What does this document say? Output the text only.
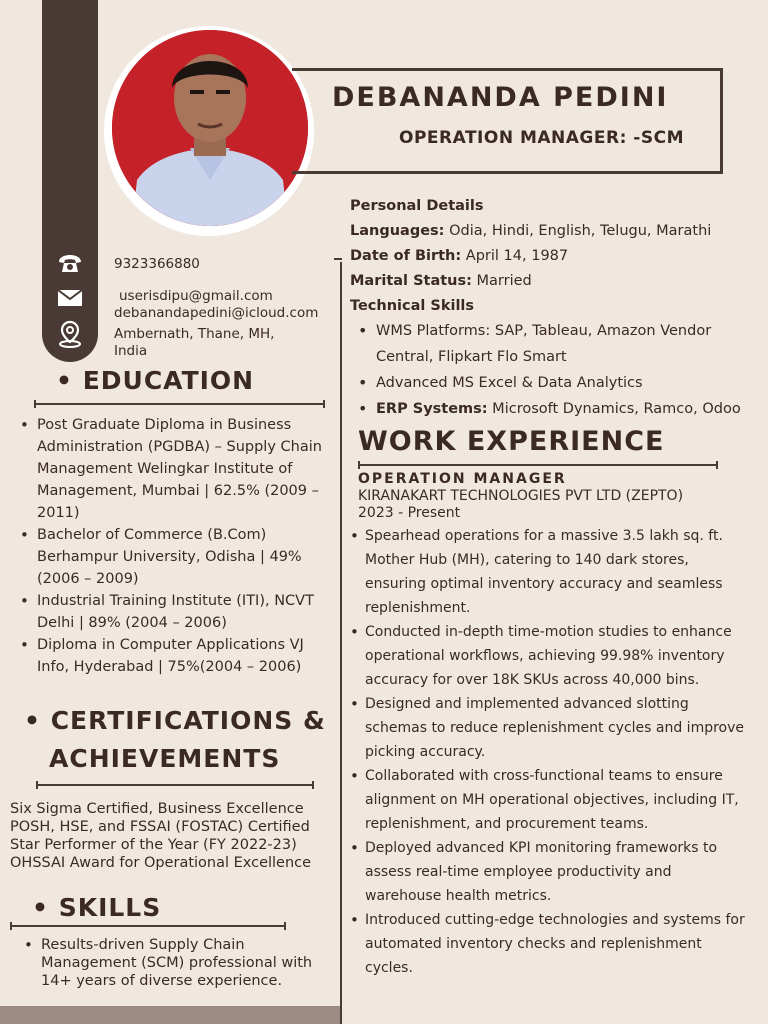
DEBANANDA PEDINI
OPERATION MANAGER: -SCM
9323366880
userisdipu@gmail.com
debanandapedini@icloud.com
Ambernath, Thane, MH,
India
Personal Details
Languages: Odia, Hindi, English, Telugu, Marathi
Date of Birth: April 14, 1987
Marital Status: Married
Technical Skills
• WMS Platforms: SAP, Tableau, Amazon Vendor Central, Flipkart Flo Smart
• Advanced MS Excel & Data Analytics
• ERP Systems: Microsoft Dynamics, Ramco, Odoo
• EDUCATION
• Post Graduate Diploma in Business Administration (PGDBA) – Supply Chain Management Welingkar Institute of Management, Mumbai | 62.5% (2009 – 2011)
• Bachelor of Commerce (B.Com) Berhampur University, Odisha | 49% (2006 – 2009)
• Industrial Training Institute (ITI), NCVT Delhi | 89% (2004 – 2006)
• Diploma in Computer Applications VJ Info, Hyderabad | 75%(2004 – 2006)
• CERTIFICATIONS &
ACHIEVEMENTS
Six Sigma Certified, Business Excellence
POSH, HSE, and FSSAI (FOSTAC) Certified
Star Performer of the Year (FY 2022-23)
OHSSAI Award for Operational Excellence
• SKILLS
• Results-driven Supply Chain Management (SCM) professional with 14+ years of diverse experience.
WORK EXPERIENCE
OPERATION MANAGER
KIRANAKART TECHNOLOGIES PVT LTD (ZEPTO)
2023 - Present
• Spearhead operations for a massive 3.5 lakh sq. ft. Mother Hub (MH), catering to 140 dark stores, ensuring optimal inventory accuracy and seamless replenishment.
• Conducted in-depth time-motion studies to enhance operational workflows, achieving 99.98% inventory accuracy for over 18K SKUs across 40,000 bins.
• Designed and implemented advanced slotting schemas to reduce replenishment cycles and improve picking accuracy.
• Collaborated with cross-functional teams to ensure alignment on MH operational objectives, including IT, replenishment, and procurement teams.
• Deployed advanced KPI monitoring frameworks to assess real-time employee productivity and warehouse health metrics.
• Introduced cutting-edge technologies and systems for automated inventory checks and replenishment cycles.
